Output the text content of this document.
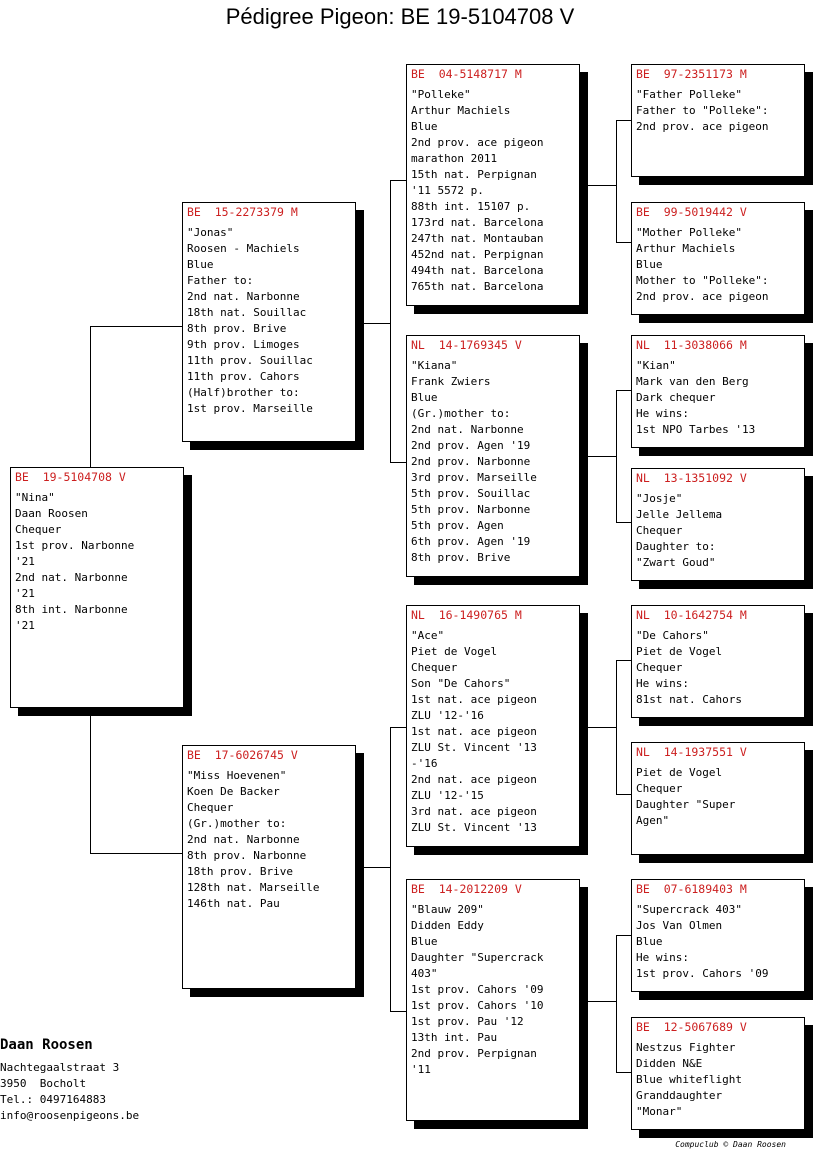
Pédigree Pigeon: BE 19-5104708 V
BE  19-5104708 V
"Nina"
Daan Roosen
Chequer
1st prov. Narbonne
'21
2nd nat. Narbonne
'21
8th int. Narbonne
'21
BE  15-2273379 M
"Jonas"
Roosen - Machiels
Blue
Father to:
2nd nat. Narbonne
18th nat. Souillac
8th prov. Brive
9th prov. Limoges
11th prov. Souillac
11th prov. Cahors
(Half)brother to:
1st prov. Marseille
BE  17-6026745 V
"Miss Hoevenen"
Koen De Backer
Chequer
(Gr.)mother to:
2nd nat. Narbonne
8th prov. Narbonne
18th prov. Brive
128th nat. Marseille
146th nat. Pau
BE  04-5148717 M
"Polleke"
Arthur Machiels
Blue
2nd prov. ace pigeon
marathon 2011
15th nat. Perpignan
'11 5572 p.
88th int. 15107 p.
173rd nat. Barcelona
247th nat. Montauban
452nd nat. Perpignan
494th nat. Barcelona
765th nat. Barcelona
NL  14-1769345 V
"Kiana"
Frank Zwiers
Blue
(Gr.)mother to:
2nd nat. Narbonne
2nd prov. Agen '19
2nd prov. Narbonne
3rd prov. Marseille
5th prov. Souillac
5th prov. Narbonne
5th prov. Agen
6th prov. Agen '19
8th prov. Brive
NL  16-1490765 M
"Ace"
Piet de Vogel
Chequer
Son "De Cahors"
1st nat. ace pigeon
ZLU '12-'16
1st nat. ace pigeon
ZLU St. Vincent '13
-'16
2nd nat. ace pigeon
ZLU '12-'15
3rd nat. ace pigeon
ZLU St. Vincent '13
BE  14-2012209 V
"Blauw 209"
Didden Eddy
Blue
Daughter "Supercrack
403"
1st prov. Cahors '09
1st prov. Cahors '10
1st prov. Pau '12
13th int. Pau
2nd prov. Perpignan
'11
BE  97-2351173 M
"Father Polleke"
Father to "Polleke":
2nd prov. ace pigeon
BE  99-5019442 V
"Mother Polleke"
Arthur Machiels
Blue
Mother to "Polleke":
2nd prov. ace pigeon
NL  11-3038066 M
"Kian"
Mark van den Berg
Dark chequer
He wins:
1st NPO Tarbes '13
NL  13-1351092 V
"Josje"
Jelle Jellema
Chequer
Daughter to:
"Zwart Goud"
NL  10-1642754 M
"De Cahors"
Piet de Vogel
Chequer
He wins:
81st nat. Cahors
NL  14-1937551 V
Piet de Vogel
Chequer
Daughter "Super
Agen"
BE  07-6189403 M
"Supercrack 403"
Jos Van Olmen
Blue
He wins:
1st prov. Cahors '09
BE  12-5067689 V
Nestzus Fighter
Didden N&E
Blue whiteflight
Granddaughter
"Monar"
Daan Roosen
Nachtegaalstraat 3
3950  Bocholt
Tel.: 0497164883
info@roosenpigeons.be
Compuclub © Daan Roosen
